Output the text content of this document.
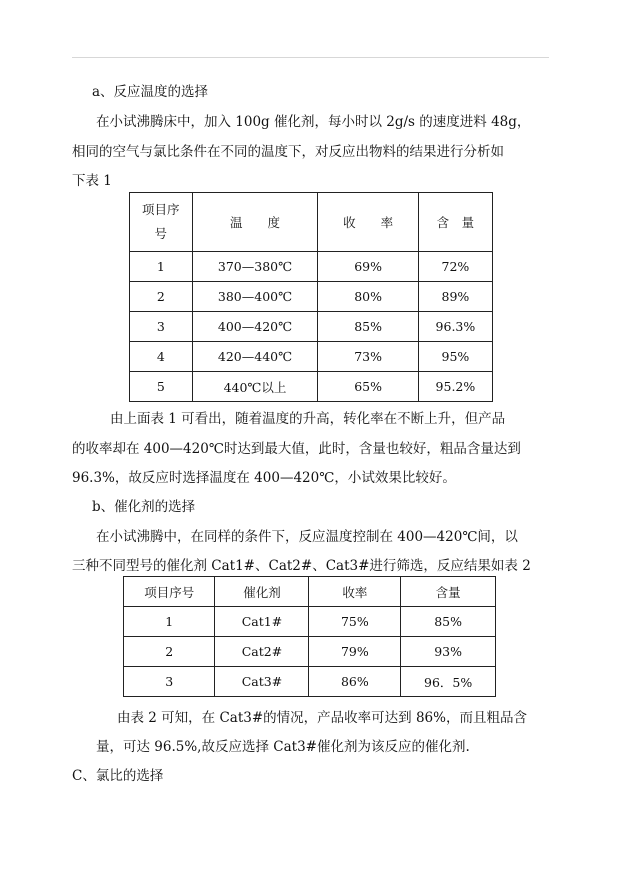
a、反应温度的选择
在小试沸腾床中，加入 100g 催化剂，每小时以 2g/s 的速度进料 48g，
相同的空气与氯比条件在不同的温度下，对反应出物料的结果进行分析如
下表 1
项目序号	温　　度	收　　率	含　量
1	370—380℃	69%	72%
2	380—400℃	80%	89%
3	400—420℃	85%	96.3%
4	420—440℃	73%	95%
5	440℃以上	65%	95.2%
由上面表 1 可看出，随着温度的升高，转化率在不断上升，但产品
的收率却在 400—420℃时达到最大值，此时，含量也较好，粗品含量达到
96.3%，故反应时选择温度在 400—420℃，小试效果比较好。
b、催化剂的选择
在小试沸腾中，在同样的条件下，反应温度控制在 400—420℃间，以
三种不同型号的催化剂 Cat1#、Cat2#、Cat3#进行筛选，反应结果如表 2
项目序号	催化剂	收率	含量
1	Cat1#	75%	85%
2	Cat2#	79%	93%
3	Cat3#	86%	96．5%
由表 2 可知，在 Cat3#的情况，产品收率可达到 86%，而且粗品含
量，可达 96.5%,故反应选择 Cat3#催化剂为该反应的催化剂.
C、氯比的选择
